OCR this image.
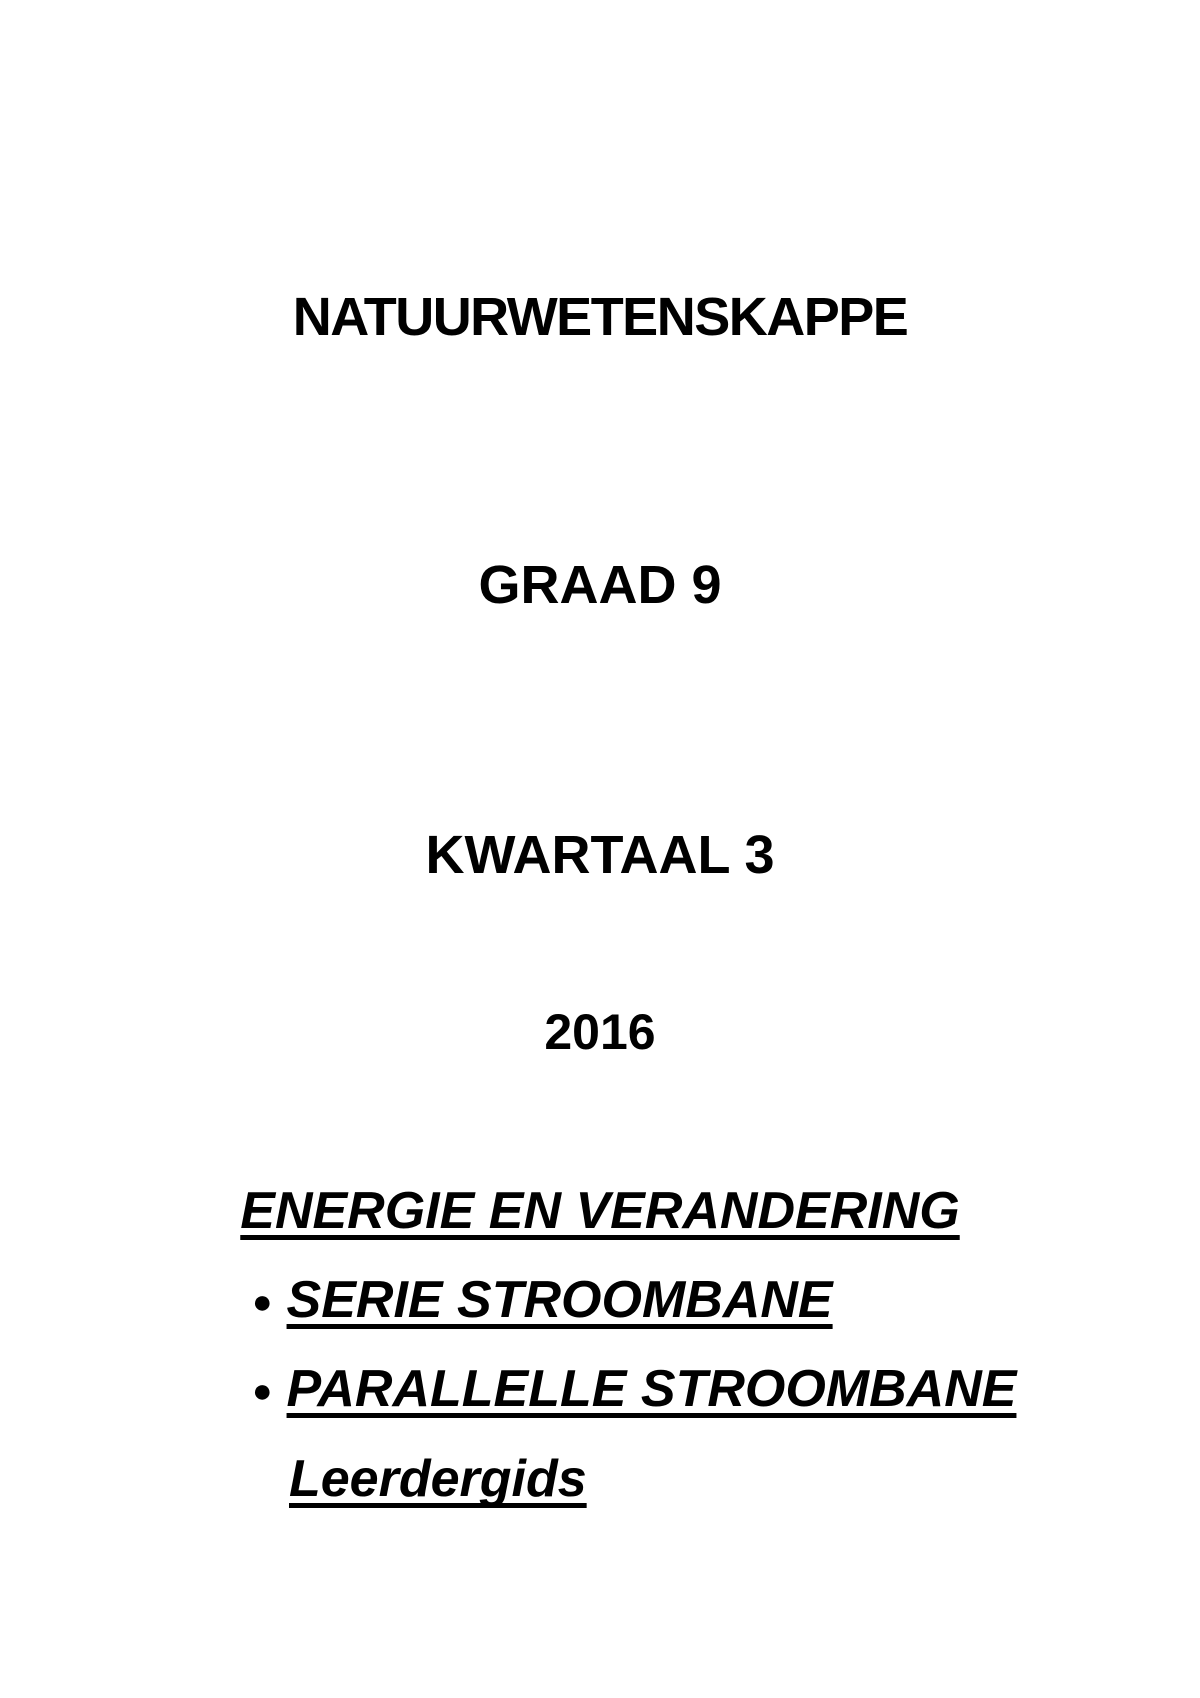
NATUURWETENSKAPPE
GRAAD 9
KWARTAAL 3
2016
ENERGIE EN VERANDERING
● SERIE STROOMBANE
● PARALLELLE STROOMBANE
Leerdergids
